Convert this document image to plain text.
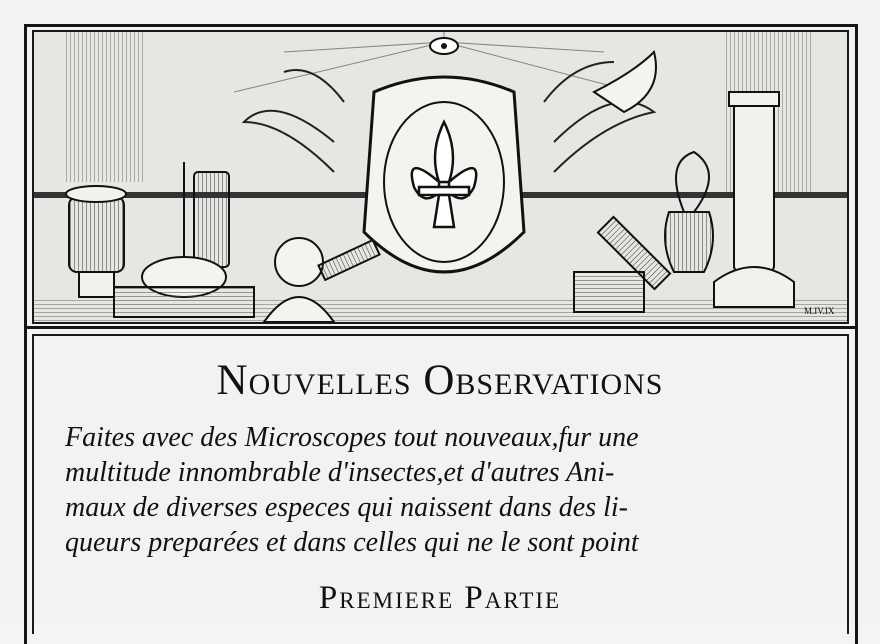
M.IV.IX
Nouvelles Observations
Faites avec des Microscopes tout nouveaux,fur une
multitude innombrable d'insectes,et d'autres Ani-
maux de diverses especes qui naissent dans des li-
queurs preparées et dans celles qui ne le sont point
Premiere Partie
